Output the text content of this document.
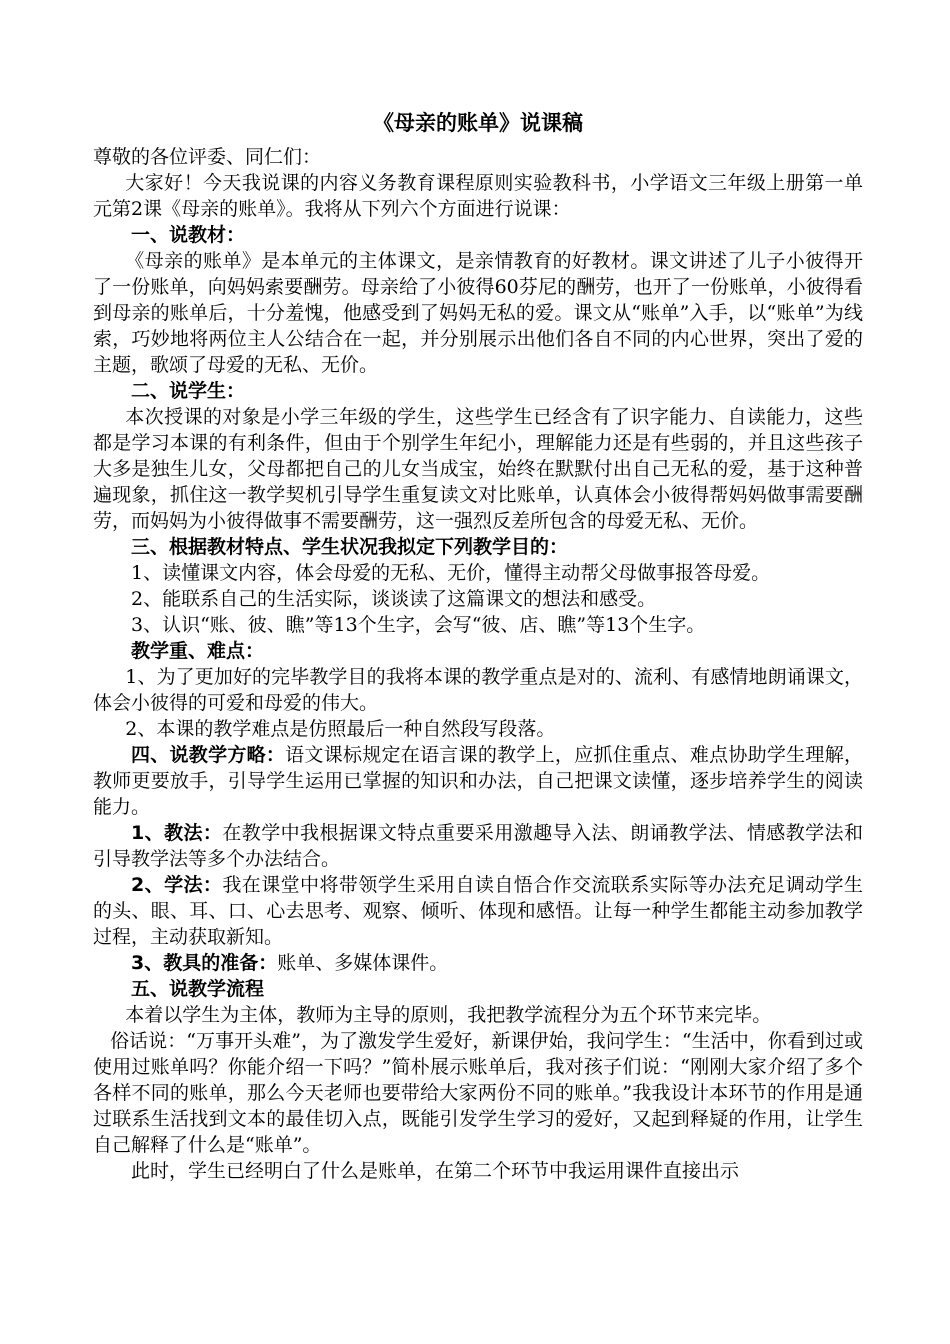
《母亲的账单》说课稿

尊敬的各位评委、同仁们：

大家好！今天我说课的内容义务教育课程原则实验教科书，小学语文三年级上册第一单元第2课《母亲的账单》。我将从下列六个方面进行说课：

一、说教材：

《母亲的账单》是本单元的主体课文，是亲情教育的好教材。课文讲述了儿子小彼得开了一份账单，向妈妈索要酬劳。母亲给了小彼得60芬尼的酬劳，也开了一份账单，小彼得看到母亲的账单后，十分羞愧，他感受到了妈妈无私的爱。课文从“账单”入手，以“账单”为线索，巧妙地将两位主人公结合在一起，并分别展示出他们各自不同的内心世界，突出了爱的主题，歌颂了母爱的无私、无价。

二、说学生：

本次授课的对象是小学三年级的学生，这些学生已经含有了识字能力、自读能力，这些都是学习本课的有利条件，但由于个别学生年纪小，理解能力还是有些弱的，并且这些孩子大多是独生儿女，父母都把自己的儿女当成宝，始终在默默付出自己无私的爱，基于这种普遍现象，抓住这一教学契机引导学生重复读文对比账单，认真体会小彼得帮妈妈做事需要酬劳，而妈妈为小彼得做事不需要酬劳，这一强烈反差所包含的母爱无私、无价。

三、根据教材特点、学生状况我拟定下列教学目的：

1、读懂课文内容，体会母爱的无私、无价，懂得主动帮父母做事报答母爱。

2、能联系自己的生活实际，谈谈读了这篇课文的想法和感受。

3、认识“账、彼、瞧”等13个生字，会写“彼、店、瞧”等13个生字。

教学重、难点：

1、为了更加好的完毕教学目的我将本课的教学重点是对的、流利、有感情地朗诵课文，体会小彼得的可爱和母爱的伟大。

2、本课的教学难点是仿照最后一种自然段写段落。

四、说教学方略：语文课标规定在语言课的教学上，应抓住重点、难点协助学生理解，教师更要放手，引导学生运用已掌握的知识和办法，自己把课文读懂，逐步培养学生的阅读能力。

1、教法：在教学中我根据课文特点重要采用激趣导入法、朗诵教学法、情感教学法和引导教学法等多个办法结合。

2、学法：我在课堂中将带领学生采用自读自悟合作交流联系实际等办法充足调动学生的头、眼、耳、口、心去思考、观察、倾听、体现和感悟。让每一种学生都能主动参加教学过程，主动获取新知。

3、教具的准备：账单、多媒体课件。

五、说教学流程

本着以学生为主体，教师为主导的原则，我把教学流程分为五个环节来完毕。

俗话说：“万事开头难”，为了激发学生爱好，新课伊始，我问学生：“生活中，你看到过或使用过账单吗？你能介绍一下吗？”简朴展示账单后，我对孩子们说：“刚刚大家介绍了多个各样不同的账单，那么今天老师也要带给大家两份不同的账单。”我我设计本环节的作用是通过联系生活找到文本的最佳切入点，既能引发学生学习的爱好，又起到释疑的作用，让学生自己解释了什么是“账单”。

此时，学生已经明白了什么是账单，在第二个环节中我运用课件直接出示
